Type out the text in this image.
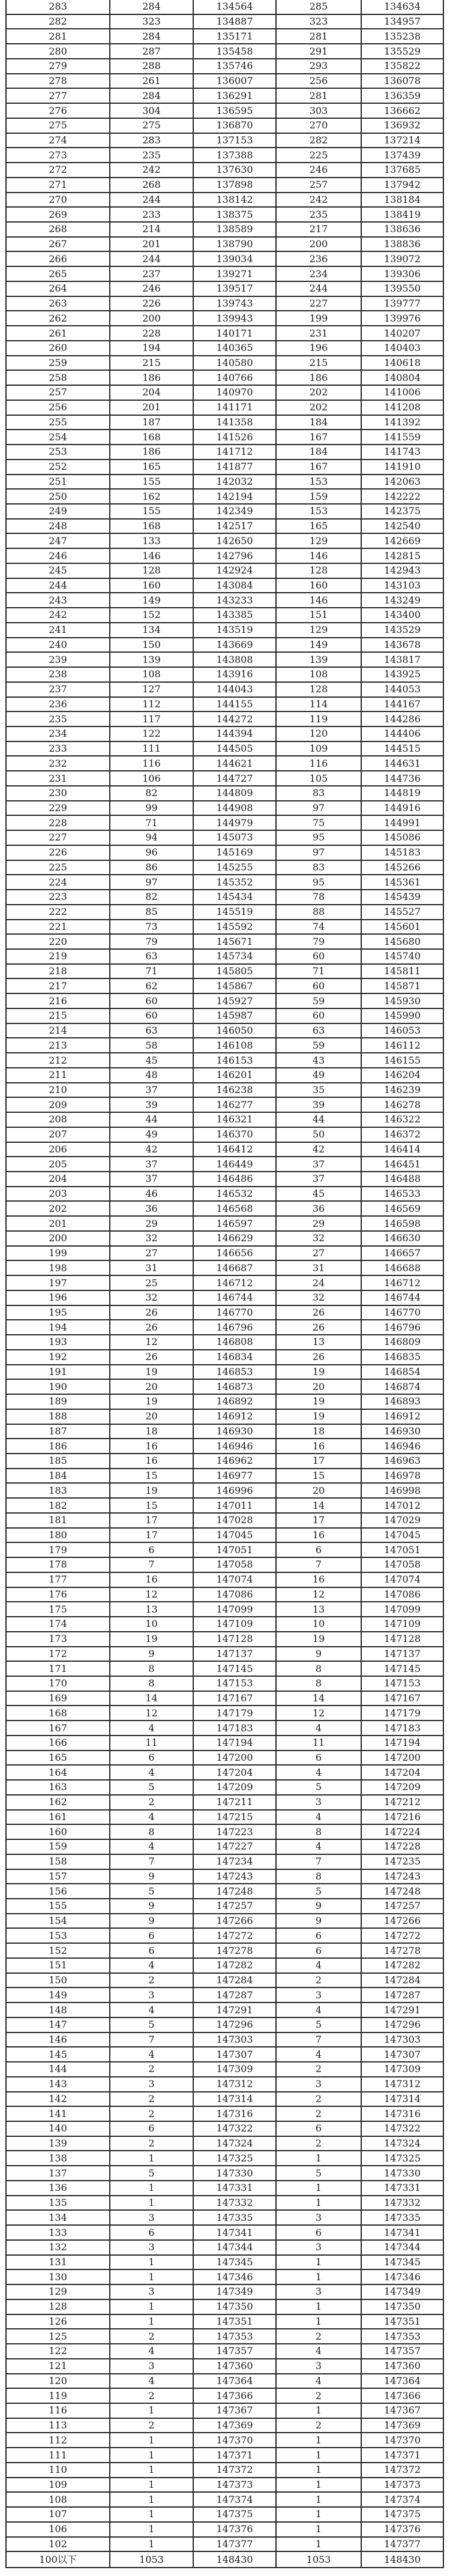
283	284	134564	285	134634
282	323	134887	323	134957
281	284	135171	281	135238
280	287	135458	291	135529
279	288	135746	293	135822
278	261	136007	256	136078
277	284	136291	281	136359
276	304	136595	303	136662
275	275	136870	270	136932
274	283	137153	282	137214
273	235	137388	225	137439
272	242	137630	246	137685
271	268	137898	257	137942
270	244	138142	242	138184
269	233	138375	235	138419
268	214	138589	217	138636
267	201	138790	200	138836
266	244	139034	236	139072
265	237	139271	234	139306
264	246	139517	244	139550
263	226	139743	227	139777
262	200	139943	199	139976
261	228	140171	231	140207
260	194	140365	196	140403
259	215	140580	215	140618
258	186	140766	186	140804
257	204	140970	202	141006
256	201	141171	202	141208
255	187	141358	184	141392
254	168	141526	167	141559
253	186	141712	184	141743
252	165	141877	167	141910
251	155	142032	153	142063
250	162	142194	159	142222
249	155	142349	153	142375
248	168	142517	165	142540
247	133	142650	129	142669
246	146	142796	146	142815
245	128	142924	128	142943
244	160	143084	160	143103
243	149	143233	146	143249
242	152	143385	151	143400
241	134	143519	129	143529
240	150	143669	149	143678
239	139	143808	139	143817
238	108	143916	108	143925
237	127	144043	128	144053
236	112	144155	114	144167
235	117	144272	119	144286
234	122	144394	120	144406
233	111	144505	109	144515
232	116	144621	116	144631
231	106	144727	105	144736
230	82	144809	83	144819
229	99	144908	97	144916
228	71	144979	75	144991
227	94	145073	95	145086
226	96	145169	97	145183
225	86	145255	83	145266
224	97	145352	95	145361
223	82	145434	78	145439
222	85	145519	88	145527
221	73	145592	74	145601
220	79	145671	79	145680
219	63	145734	60	145740
218	71	145805	71	145811
217	62	145867	60	145871
216	60	145927	59	145930
215	60	145987	60	145990
214	63	146050	63	146053
213	58	146108	59	146112
212	45	146153	43	146155
211	48	146201	49	146204
210	37	146238	35	146239
209	39	146277	39	146278
208	44	146321	44	146322
207	49	146370	50	146372
206	42	146412	42	146414
205	37	146449	37	146451
204	37	146486	37	146488
203	46	146532	45	146533
202	36	146568	36	146569
201	29	146597	29	146598
200	32	146629	32	146630
199	27	146656	27	146657
198	31	146687	31	146688
197	25	146712	24	146712
196	32	146744	32	146744
195	26	146770	26	146770
194	26	146796	26	146796
193	12	146808	13	146809
192	26	146834	26	146835
191	19	146853	19	146854
190	20	146873	20	146874
189	19	146892	19	146893
188	20	146912	19	146912
187	18	146930	18	146930
186	16	146946	16	146946
185	16	146962	17	146963
184	15	146977	15	146978
183	19	146996	20	146998
182	15	147011	14	147012
181	17	147028	17	147029
180	17	147045	16	147045
179	6	147051	6	147051
178	7	147058	7	147058
177	16	147074	16	147074
176	12	147086	12	147086
175	13	147099	13	147099
174	10	147109	10	147109
173	19	147128	19	147128
172	9	147137	9	147137
171	8	147145	8	147145
170	8	147153	8	147153
169	14	147167	14	147167
168	12	147179	12	147179
167	4	147183	4	147183
166	11	147194	11	147194
165	6	147200	6	147200
164	4	147204	4	147204
163	5	147209	5	147209
162	2	147211	3	147212
161	4	147215	4	147216
160	8	147223	8	147224
159	4	147227	4	147228
158	7	147234	7	147235
157	9	147243	8	147243
156	5	147248	5	147248
155	9	147257	9	147257
154	9	147266	9	147266
153	6	147272	6	147272
152	6	147278	6	147278
151	4	147282	4	147282
150	2	147284	2	147284
149	3	147287	3	147287
148	4	147291	4	147291
147	5	147296	5	147296
146	7	147303	7	147303
145	4	147307	4	147307
144	2	147309	2	147309
143	3	147312	3	147312
142	2	147314	2	147314
141	2	147316	2	147316
140	6	147322	6	147322
139	2	147324	2	147324
138	1	147325	1	147325
137	5	147330	5	147330
136	1	147331	1	147331
135	1	147332	1	147332
134	3	147335	3	147335
133	6	147341	6	147341
132	3	147344	3	147344
131	1	147345	1	147345
130	1	147346	1	147346
129	3	147349	3	147349
128	1	147350	1	147350
126	1	147351	1	147351
125	2	147353	2	147353
122	4	147357	4	147357
121	3	147360	3	147360
120	4	147364	4	147364
119	2	147366	2	147366
116	1	147367	1	147367
113	2	147369	2	147369
112	1	147370	1	147370
111	1	147371	1	147371
110	1	147372	1	147372
109	1	147373	1	147373
108	1	147374	1	147374
107	1	147375	1	147375
106	1	147376	1	147376
102	1	147377	1	147377
100以下	1053	148430	1053	148430
